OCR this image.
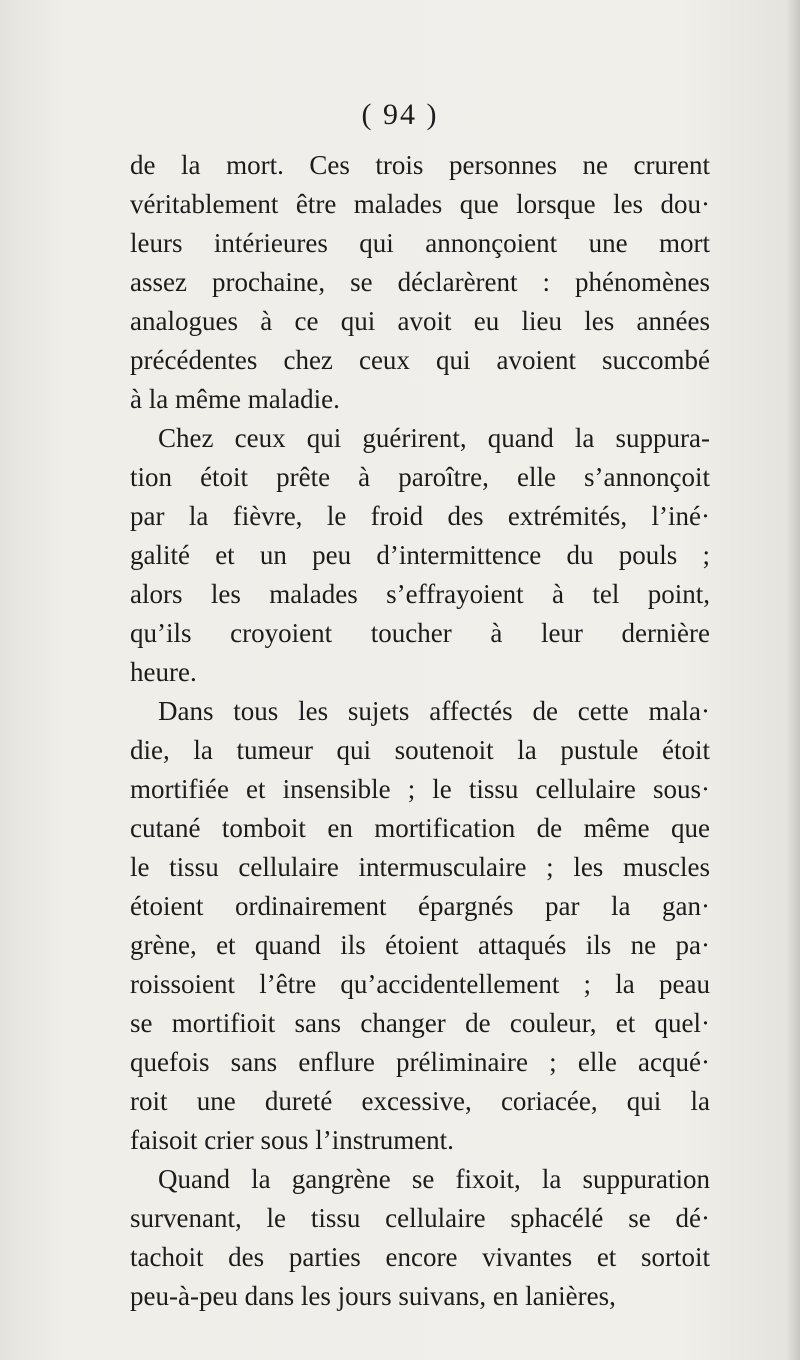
( 94 )
de la mort. Ces trois personnes ne crurent
véritablement être malades que lorsque les dou·
leurs intérieures qui annonçoient une mort
assez prochaine, se déclarèrent : phénomènes
analogues à ce qui avoit eu lieu les années
précédentes chez ceux qui avoient succombé
à la même maladie.
Chez ceux qui guérirent, quand la suppura-
tion étoit prête à paroître, elle s’annonçoit
par la fièvre, le froid des extrémités, l’iné·
galité et un peu d’intermittence du pouls ;
alors les malades s’effrayoient à tel point,
qu’ils croyoient toucher à leur dernière
heure.
Dans tous les sujets affectés de cette mala·
die, la tumeur qui soutenoit la pustule étoit
mortifiée et insensible ; le tissu cellulaire sous·
cutané tomboit en mortification de même que
le tissu cellulaire intermusculaire ; les muscles
étoient ordinairement épargnés par la gan·
grène, et quand ils étoient attaqués ils ne pa·
roissoient l’être qu’accidentellement ; la peau
se mortifioit sans changer de couleur, et quel·
quefois sans enflure préliminaire ; elle acqué·
roit une dureté excessive, coriacée, qui la
faisoit crier sous l’instrument.
Quand la gangrène se fixoit, la suppuration
survenant, le tissu cellulaire sphacélé se dé·
tachoit des parties encore vivantes et sortoit
peu-à-peu dans les jours suivans, en lanières,
